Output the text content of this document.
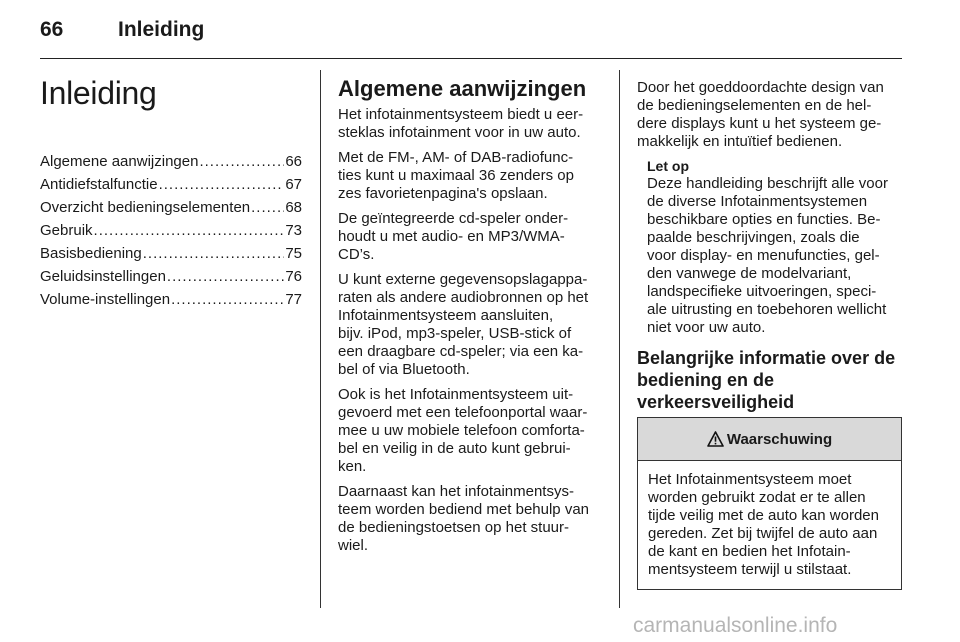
66	Inleiding
Inleiding
Algemene aanwijzingen .....	66
Antidiefstalfunctie .....	67
Overzicht bedieningselementen ..... 68
Gebruik .....	73
Basisbediening .....	75
Geluidsinstellingen .....	76
Volume-instellingen .....	77
Algemene aanwijzingen

Het infotainmentsysteem biedt u eer-
steklas infotainment voor in uw auto.

Met de FM-, AM- of DAB-radiofunc-
ties kunt u maximaal 36 zenders op
zes favorietenpagina's opslaan.

De geïntegreerde cd-speler onder-
houdt u met audio- en MP3/WMA-
CD’s.

U kunt externe gegevensopslagappa-
raten als andere audiobronnen op het
Infotainmentsysteem aansluiten,
bijv. iPod, mp3-speler, USB-stick of
een draagbare cd-speler; via een ka-
bel of via Bluetooth.

Ook is het Infotainmentsysteem uit-
gevoerd met een telefoonportal waar-
mee u uw mobiele telefoon comforta-
bel en veilig in de auto kunt gebrui-
ken.

Daarnaast kan het infotainmentsys-
teem worden bediend met behulp van
de bedieningstoetsen op het stuur-
wiel.

Door het goeddoordachte design van
de bedieningselementen en de hel-
dere displays kunt u het systeem ge-
makkelijk en intuïtief bedienen.

Let op

Deze handleiding beschrijft alle voor
de diverse Infotainmentsystemen
beschikbare opties en functies. Be-
paalde beschrijvingen, zoals die
voor display- en menufuncties, gel-
den vanwege de modelvariant,
landspecifieke uitvoeringen, speci-
ale uitrusting en toebehoren wellicht
niet voor uw auto.

Belangrijke informatie over de
bediening en de
verkeersveiligheid
Waarschuwing
Het Infotainmentsysteem moet
worden gebruikt zodat er te allen
tijde veilig met de auto kan worden
gereden. Zet bij twijfel de auto aan
de kant en bedien het Infotain-
mentsysteem terwijl u stilstaat.
carmanualsonline.info
